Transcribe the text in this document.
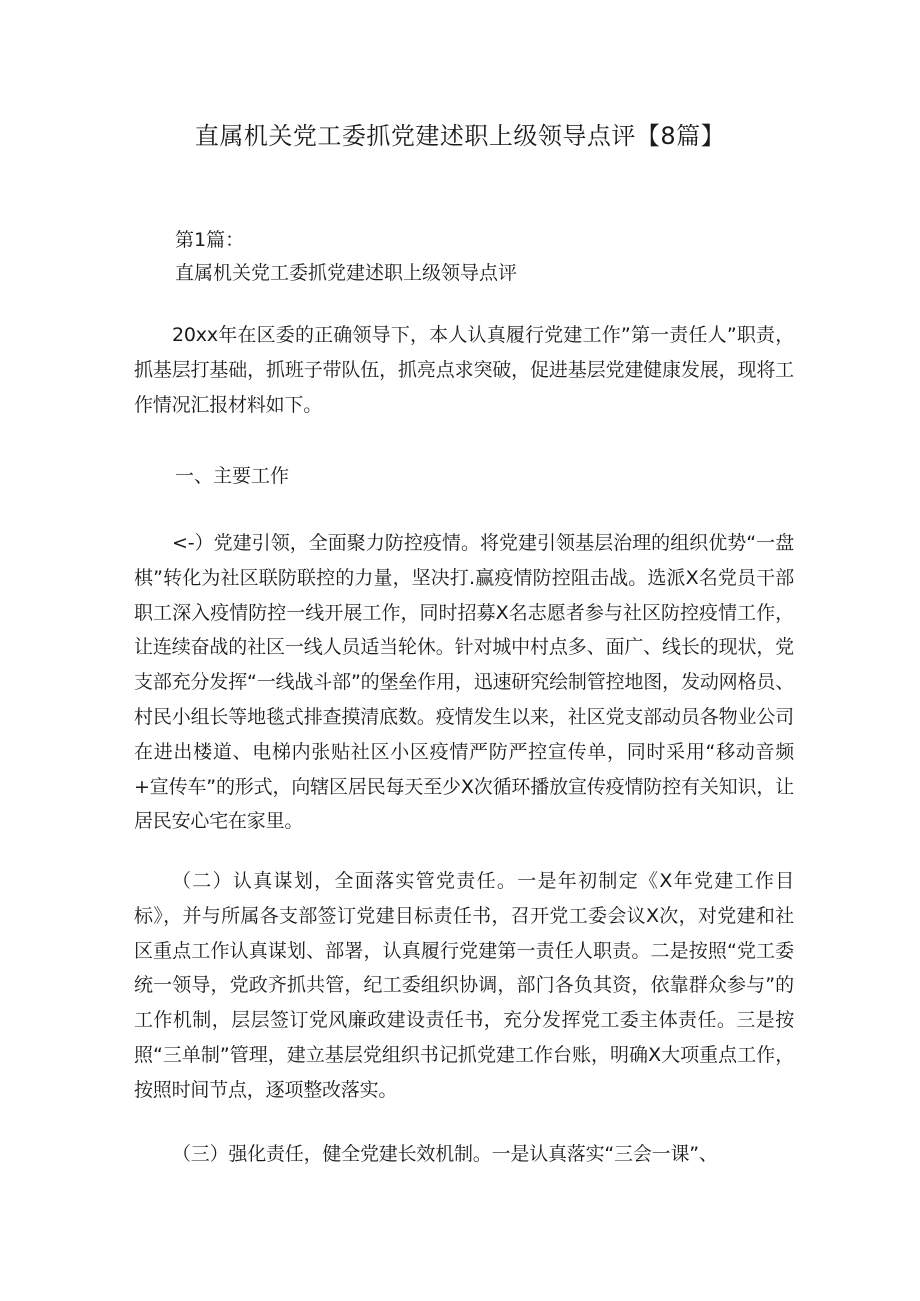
直属机关党工委抓党建述职上级领导点评【8篇】
第1篇：
直属机关党工委抓党建述职上级领导点评
20xx年在区委的正确领导下，本人认真履行党建工作”第一责任人”职责，抓基层打基础，抓班子带队伍，抓亮点求突破，促进基层党建健康发展，现将工作情况汇报材料如下。
一、主要工作
<-）党建引领，全面聚力防控疫情。将党建引领基层治理的组织优势“一盘棋”转化为社区联防联控的力量，坚决打.赢疫情防控阻击战。选派X名党员干部职工深入疫情防控一线开展工作，同时招募X名志愿者参与社区防控疫情工作，让连续奋战的社区一线人员适当轮休。针对城中村点多、面广、线长的现状，党支部充分发挥“一线战斗部”的堡垒作用，迅速研究绘制管控地图，发动网格员、村民小组长等地毯式排查摸清底数。疫情发生以来，社区党支部动员各物业公司在进出楼道、电梯内张贴社区小区疫情严防严控宣传单，同时采用“移动音频+宣传车”的形式，向辖区居民每天至少X次循环播放宣传疫情防控有关知识，让居民安心宅在家里。
（二）认真谋划，全面落实管党责任。一是年初制定《X年党建工作目标》，并与所属各支部签订党建目标责任书，召开党工委会议X次，对党建和社区重点工作认真谋划、部署，认真履行党建第一责任人职责。二是按照“党工委统一领导，党政齐抓共管，纪工委组织协调，部门各负其资，依靠群众参与”的工作机制，层层签订党风廉政建设责任书，充分发挥党工委主体责任。三是按照“三单制”管理，建立基层党组织书记抓党建工作台账，明确X大项重点工作，按照时间节点，逐项整改落实。
（三）强化责任，健全党建长效机制。一是认真落实“三会一课”、
